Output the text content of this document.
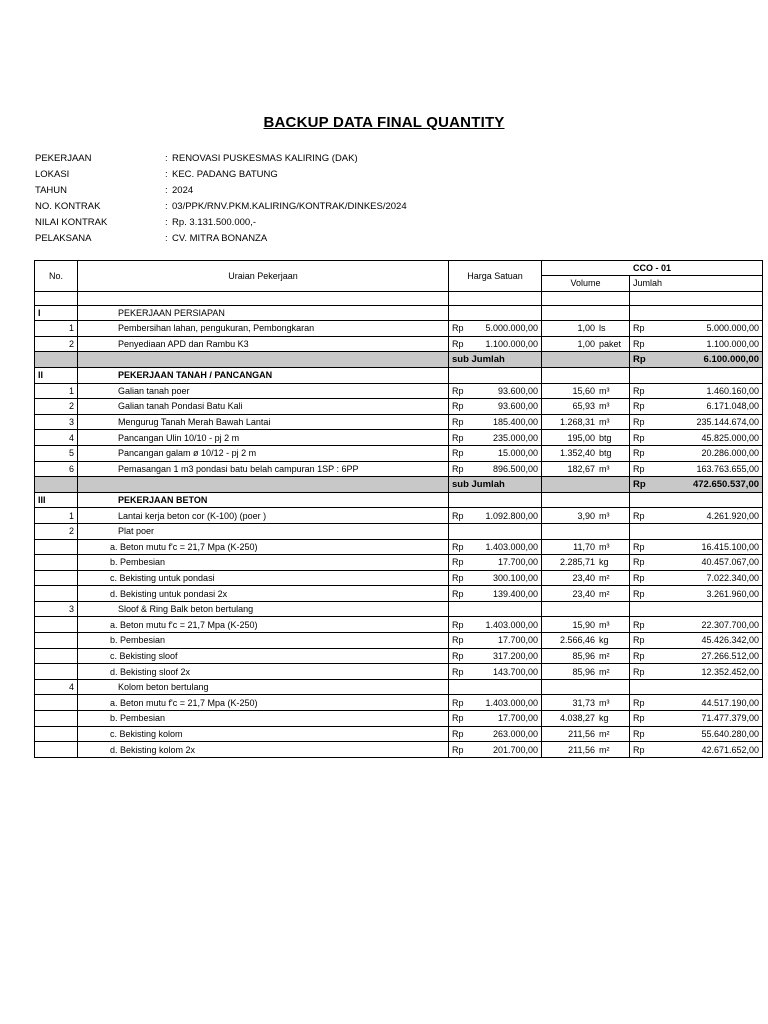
BACKUP DATA FINAL QUANTITY
PEKERJAAN	: RENOVASI PUSKESMAS KALIRING (DAK)
LOKASI	: KEC. PADANG BATUNG
TAHUN	: 2024
NO. KONTRAK	: 03/PPK/RNV.PKM.KALIRING/KONTRAK/DINKES/2024
NILAI KONTRAK	: Rp. 3.131.500.000,-
PELAKSANA	: CV. MITRA BONANZA
No.	Uraian Pekerjaan	Harga Satuan	CCO - 01	
			Volume	Jumlah

I	PEKERJAAN PERSIAPAN			
1	Pembersihan lahan, pengukuran, Pembongkaran	Rp 5.000.000,00	1,00 ls	Rp 5.000.000,00

2	Penyediaan APD dan Rambu K3	Rp 1.100.000,00	1,00 paket	Rp 1.100.000,00

		sub Jumlah		Rp 6.100.000,00

II	PEKERJAAN TANAH / PANCANGAN			
1	Galian tanah poer	Rp 93.600,00	15,60 m³	Rp 1.460.160,00

2	Galian tanah Pondasi Batu Kali	Rp 93.600,00	65,93 m³	Rp 6.171.048,00

3	Mengurug Tanah Merah Bawah Lantai	Rp 185.400,00	1.268,31 m³	Rp 235.144.674,00

4	Pancangan Ulin 10/10 - pj 2 m	Rp 235.000,00	195,00 btg	Rp 45.825.000,00

5	Pancangan galam ø 10/12 - pj 2 m	Rp 15.000,00	1.352,40 btg	Rp 20.286.000,00

6	Pemasangan 1 m3 pondasi batu belah campuran 1SP : 6PP	Rp 896.500,00	182,67 m³	Rp 163.763.655,00

		sub Jumlah		Rp 472.650.537,00

III	PEKERJAAN BETON			
1	Lantai kerja beton cor (K-100) (poer )	Rp 1.092.800,00	3,90 m³	Rp 4.261.920,00

2	Plat poer			
	a. Beton mutu f'c = 21,7 Mpa (K-250)	Rp 1.403.000,00	11,70 m³	Rp 16.415.100,00

	b. Pembesian	Rp 17.700,00	2.285,71 kg	Rp 40.457.067,00

	c. Bekisting untuk pondasi	Rp 300.100,00	23,40 m²	Rp 7.022.340,00

	d. Bekisting untuk pondasi 2x	Rp 139.400,00	23,40 m²	Rp 3.261.960,00

3	Sloof & Ring Balk beton bertulang			
	a. Beton mutu f'c = 21,7 Mpa (K-250)	Rp 1.403.000,00	15,90 m³	Rp 22.307.700,00

	b. Pembesian	Rp 17.700,00	2.566,46 kg	Rp 45.426.342,00

	c. Bekisting sloof	Rp 317.200,00	85,96 m²	Rp 27.266.512,00

	d. Bekisting sloof 2x	Rp 143.700,00	85,96 m²	Rp 12.352.452,00

4	Kolom beton bertulang			
	a. Beton mutu f'c = 21,7 Mpa (K-250)	Rp 1.403.000,00	31,73 m³	Rp 44.517.190,00

	b. Pembesian	Rp 17.700,00	4.038,27 kg	Rp 71.477.379,00

	c. Bekisting kolom	Rp 263.000,00	211,56 m²	Rp 55.640.280,00

	d. Bekisting kolom 2x	Rp 201.700,00	211,56 m²	Rp 42.671.652,00
